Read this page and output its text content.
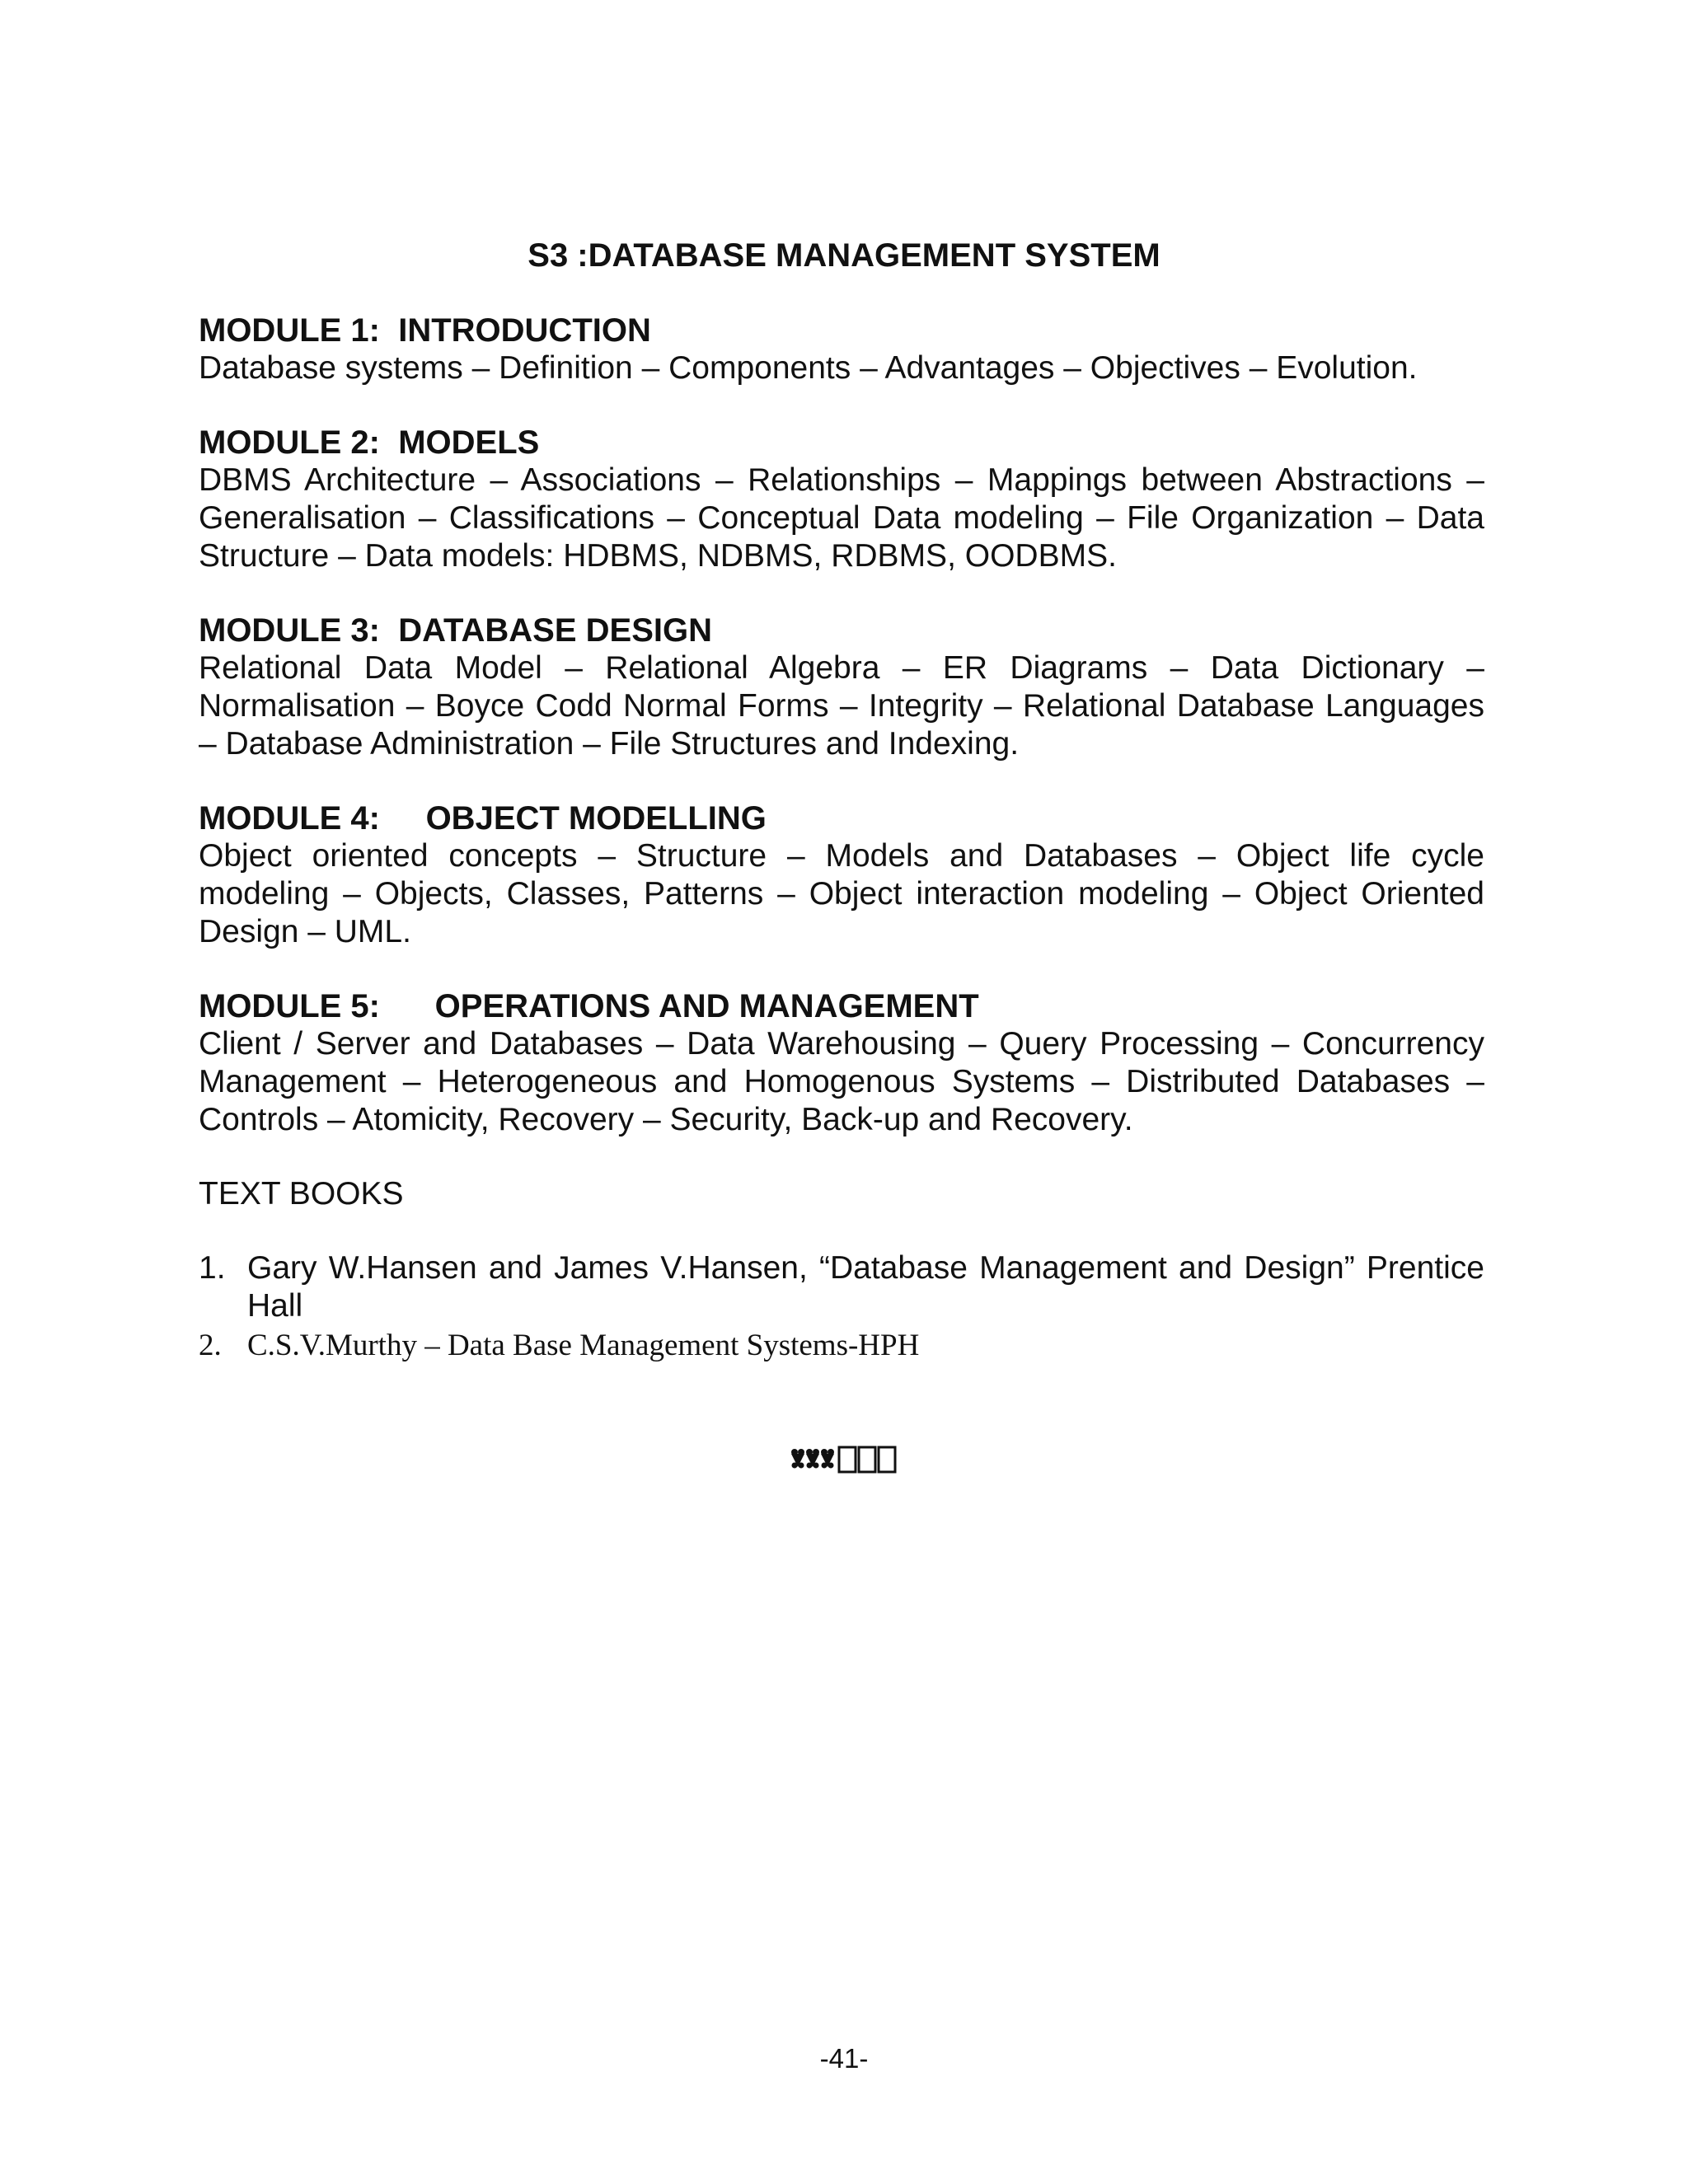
S3 :DATABASE MANAGEMENT SYSTEM
MODULE 1:  INTRODUCTION
Database systems – Definition – Components – Advantages – Objectives – Evolution.
MODULE 2:  MODELS
DBMS Architecture – Associations – Relationships – Mappings between Abstractions – Generalisation – Classifications – Conceptual Data modeling – File Organization – Data Structure – Data models: HDBMS, NDBMS, RDBMS, OODBMS.
MODULE 3:  DATABASE DESIGN
Relational Data Model – Relational Algebra – ER Diagrams – Data Dictionary – Normalisation – Boyce Codd Normal Forms – Integrity – Relational Database Languages – Database Administration – File Structures and Indexing.
MODULE 4:     OBJECT MODELLING
Object oriented concepts – Structure – Models and Databases – Object life cycle modeling – Objects, Classes, Patterns – Object interaction modeling – Object Oriented Design – UML.
MODULE 5:      OPERATIONS AND MANAGEMENT
Client / Server and Databases – Data Warehousing – Query Processing – Concurrency Management – Heterogeneous and Homogenous Systems – Distributed Databases – Controls – Atomicity, Recovery – Security, Back-up and Recovery.
TEXT BOOKS
1. Gary W.Hansen and James V.Hansen, “Database Management and Design” Prentice Hall
2. C.S.V.Murthy – Data Base Management Systems-HPH
-41-
